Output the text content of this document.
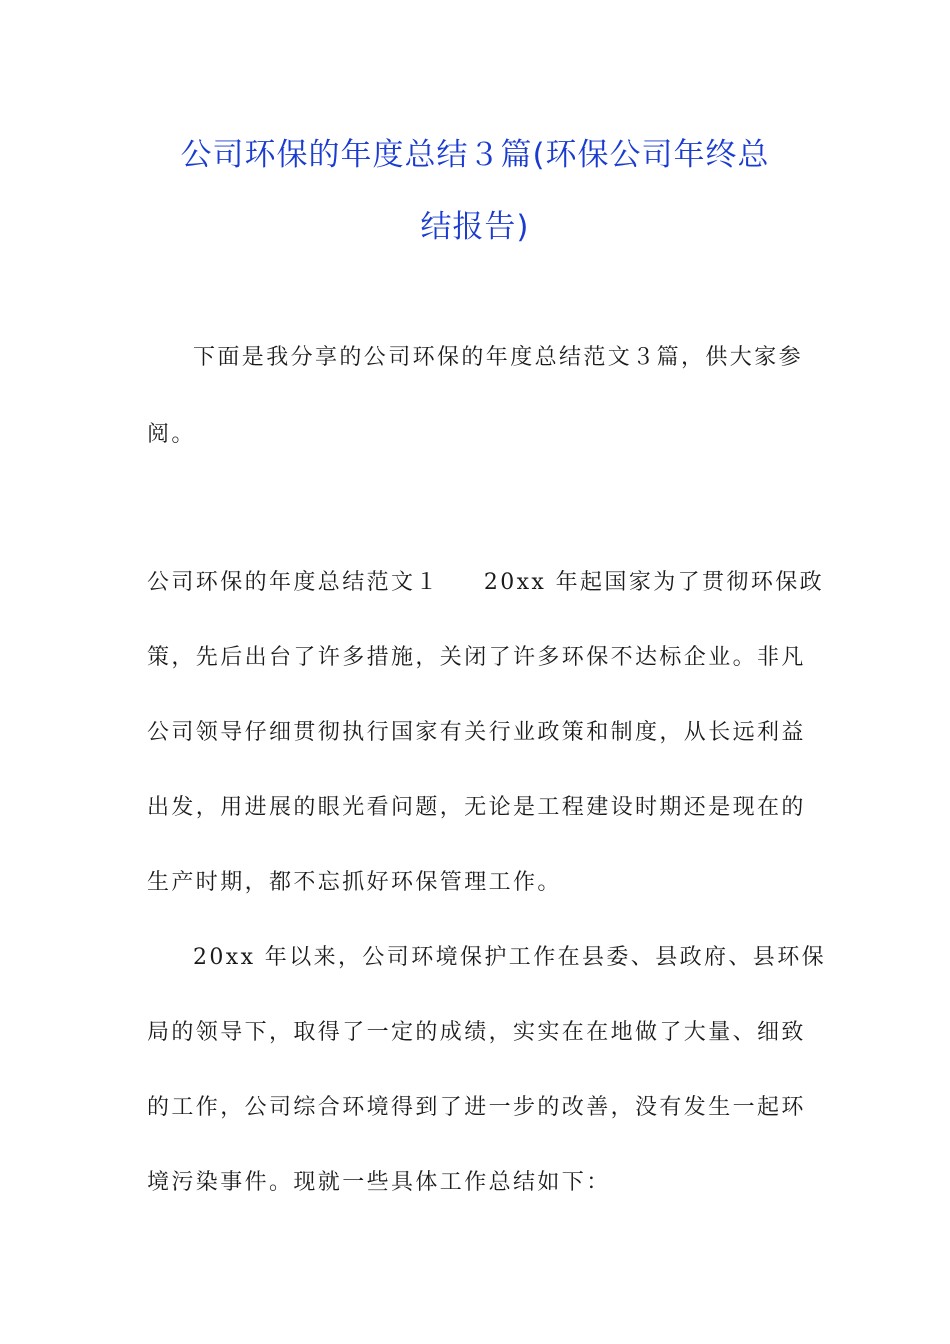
公司环保的年度总结３篇(环保公司年终总
结报告)
下面是我分享的公司环保的年度总结范文３篇，供大家参
阅。
公司环保的年度总结范文１ 20xx 年起国家为了贯彻环保政
策，先后出台了许多措施，关闭了许多环保不达标企业。非凡
公司领导仔细贯彻执行国家有关行业政策和制度，从长远利益
出发，用进展的眼光看问题，无论是工程建设时期还是现在的
生产时期，都不忘抓好环保管理工作。
20xx 年以来，公司环境保护工作在县委、县政府、县环保
局的领导下，取得了一定的成绩，实实在在地做了大量、细致
的工作，公司综合环境得到了进一步的改善，没有发生一起环
境污染事件。现就一些具体工作总结如下：
